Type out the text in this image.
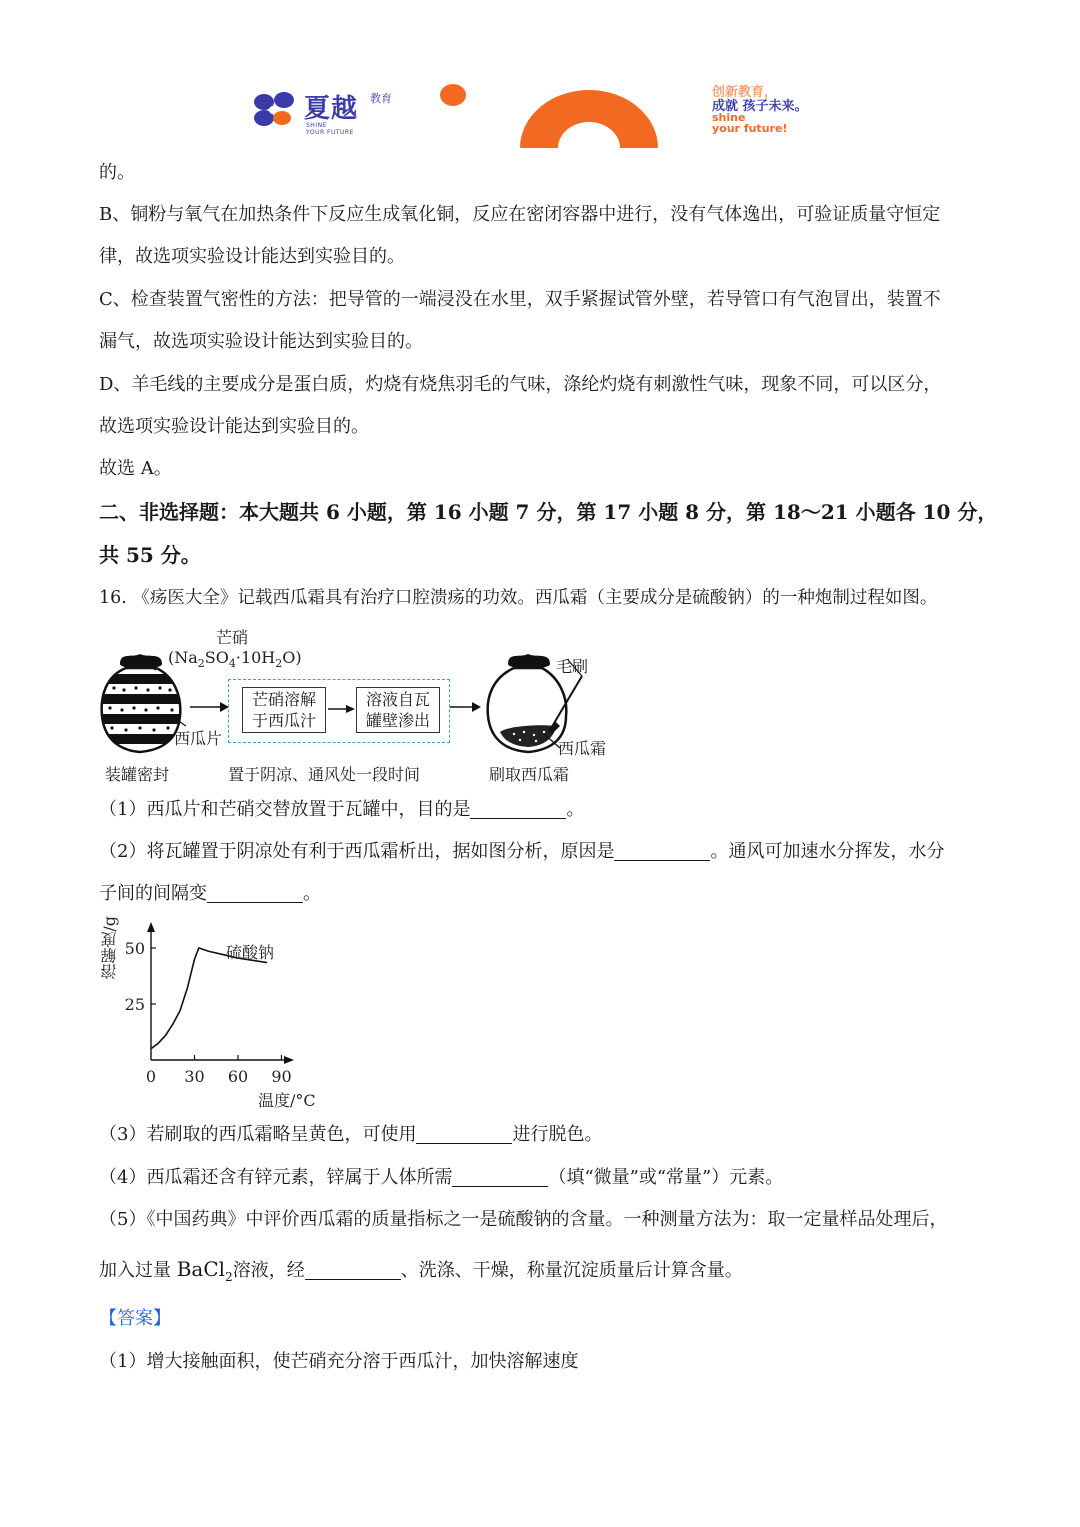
夏越 教育
SHINE
YOUR FUTURE
创新教育，
成就 孩子未来。
shine
your future!
的。
B、铜粉与氧气在加热条件下反应生成氧化铜，反应在密闭容器中进行，没有气体逸出，可验证质量守恒定
律，故选项实验设计能达到实验目的。
C、检查装置气密性的方法：把导管的一端浸没在水里，双手紧握试管外壁，若导管口有气泡冒出，装置不
漏气，故选项实验设计能达到实验目的。
D、羊毛线的主要成分是蛋白质，灼烧有烧焦羽毛的气味，涤纶灼烧有刺激性气味，现象不同，可以区分，
故选项实验设计能达到实验目的。
故选 A。
二、非选择题：本大题共 6 小题，第 16 小题 7 分，第 17 小题 8 分，第 18～21 小题各 10 分，
共 55 分。
16. 《疡医大全》记载西瓜霜具有治疗口腔溃疡的功效。西瓜霜（主要成分是硫酸钠）的一种炮制过程如图。
芒硝
$(Na_2SO_4\cdot 10H_2O)$
西瓜片
芒硝溶解
于西瓜汁
溶液自瓦
罐壁渗出
毛刷
西瓜霜
装罐密封	置于阴凉、通风处一段时间	刷取西瓜霜
（1）西瓜片和芒硝交替放置于瓦罐中，目的是	。
（2）将瓦罐置于阴凉处有利于西瓜霜析出，据如图分析，原因是	。通风可加速水分挥发，水分
子间的间隔变	。
溶解度/g
0 30 60 90
25
50	硫酸钠
温度/°C
（3）若刷取的西瓜霜略呈黄色，可使用	进行脱色。
（4）西瓜霜还含有锌元素，锌属于人体所需	（填“微量”或“常量”）元素。
（5）《中国药典》中评价西瓜霜的质量指标之一是硫酸钠的含量。一种测量方法为：取一定量样品处理后，
加入过量 BaCl$_2$溶液，经	、洗涤、干燥，称量沉淀质量后计算含量。
【答案】
（1）增大接触面积，使芒硝充分溶于西瓜汁，加快溶解速度
